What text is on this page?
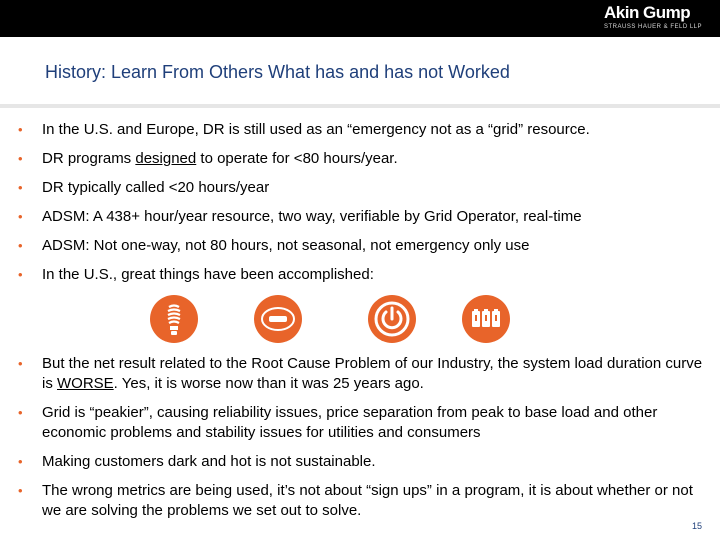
Akin Gump
STRAUSS HAUER & FELD LLP
History: Learn From Others What has and has not Worked
•	In the U.S. and Europe, DR is still used as an “emergency not as a “grid” resource.
•	DR programs designed to operate for <80 hours/year.
•	DR typically called <20 hours/year
•	ADSM: A 438+ hour/year resource, two way, verifiable by Grid Operator, real-time
•	ADSM: Not one-way, not 80 hours, not seasonal, not emergency only use
•	In the U.S., great things have been accomplished:
•	But the net result related to the Root Cause Problem of our Industry, the system load duration curve is WORSE. Yes, it is worse now than it was 25 years ago.
•	Grid is “peakier”, causing reliability issues, price separation from peak to base load and other economic problems and stability issues for utilities and consumers
•	Making customers dark and hot is not sustainable.
•	The wrong metrics are being used, it’s not about “sign ups” in a program, it is about whether or not we are solving the problems we set out to solve.
15
